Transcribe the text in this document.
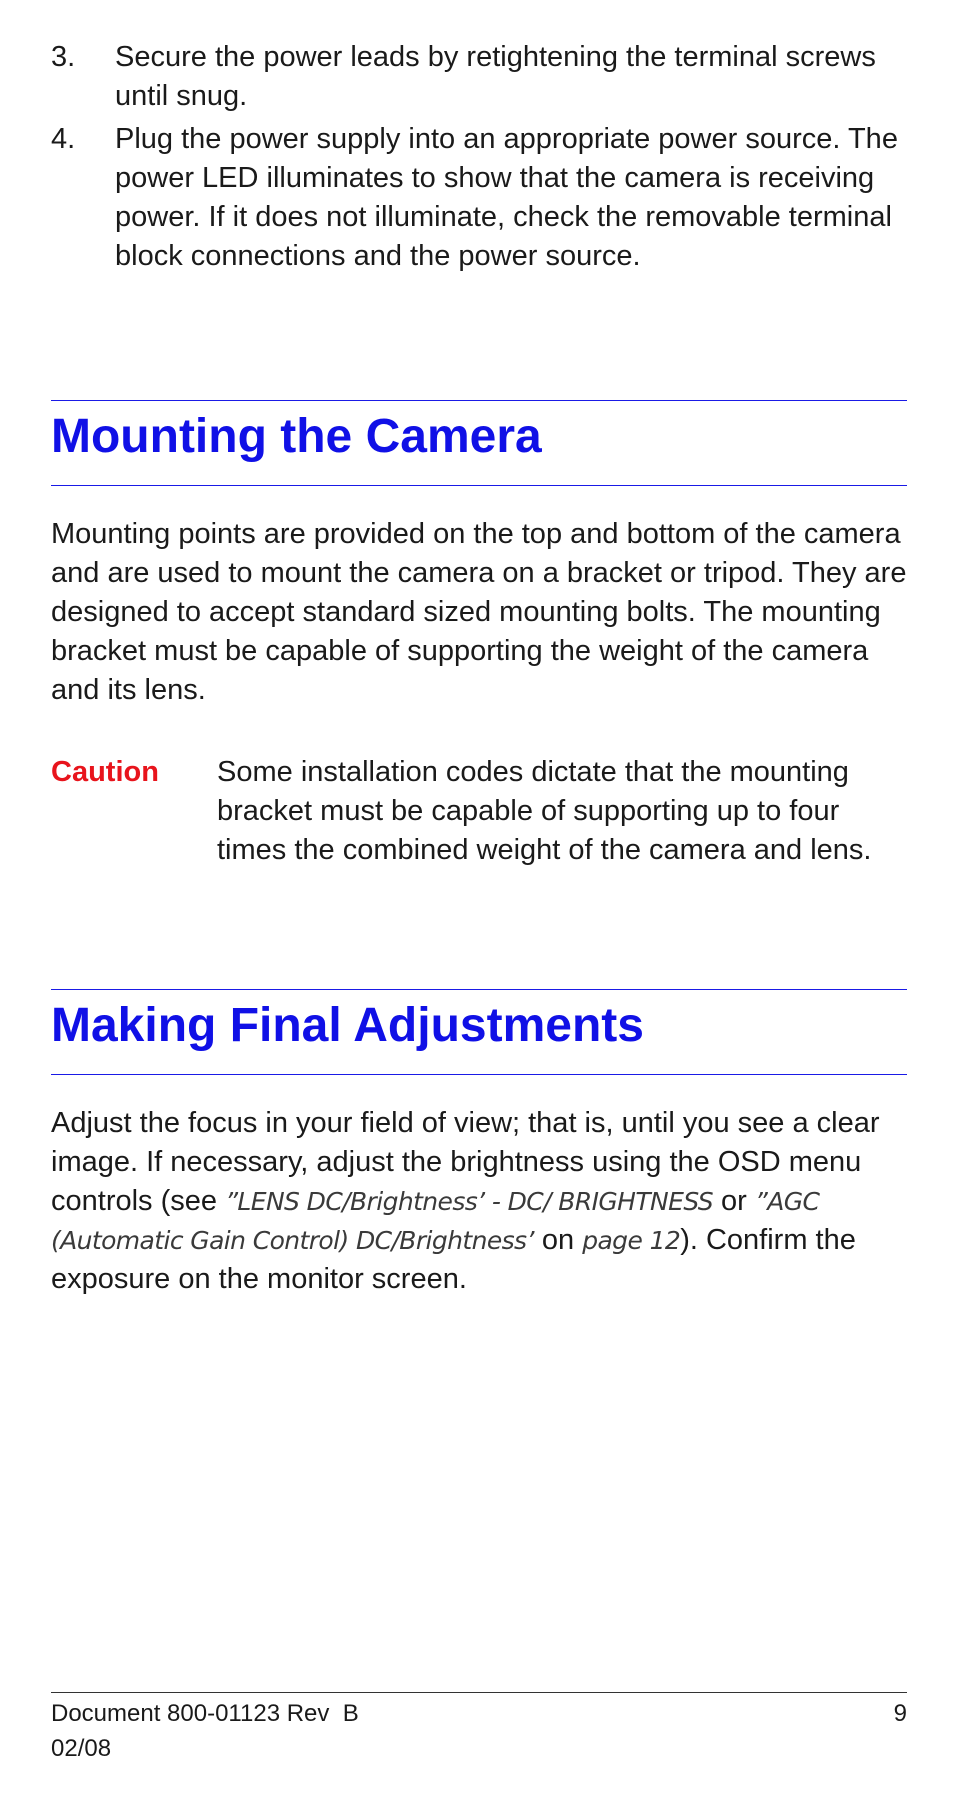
3.	Secure the power leads by retightening the terminal screws until snug.
4.	Plug the power supply into an appropriate power source. The power LED illuminates to show that the camera is receiving power. If it does not illuminate, check the removable terminal block connections and the power source.
Mounting the Camera

Mounting points are provided on the top and bottom of the camera and are used to mount the camera on a bracket or tripod. They are designed to accept standard sized mounting bolts. The mounting bracket must be capable of supporting the weight of the camera and its lens.

Caution	Some installation codes dictate that the mounting bracket must be capable of supporting up to four times the combined weight of the camera and lens.
Making Final Adjustments

Adjust the focus in your field of view; that is, until you see a clear image. If necessary, adjust the brightness using the OSD menu controls (see ”LENS DC/Brightness’ - DC/ BRIGHTNESS or ”AGC (Automatic Gain Control) DC/Brightness’ on page 12). Confirm the exposure on the monitor screen.

Document 800-01123 Rev  B
02/08
9
